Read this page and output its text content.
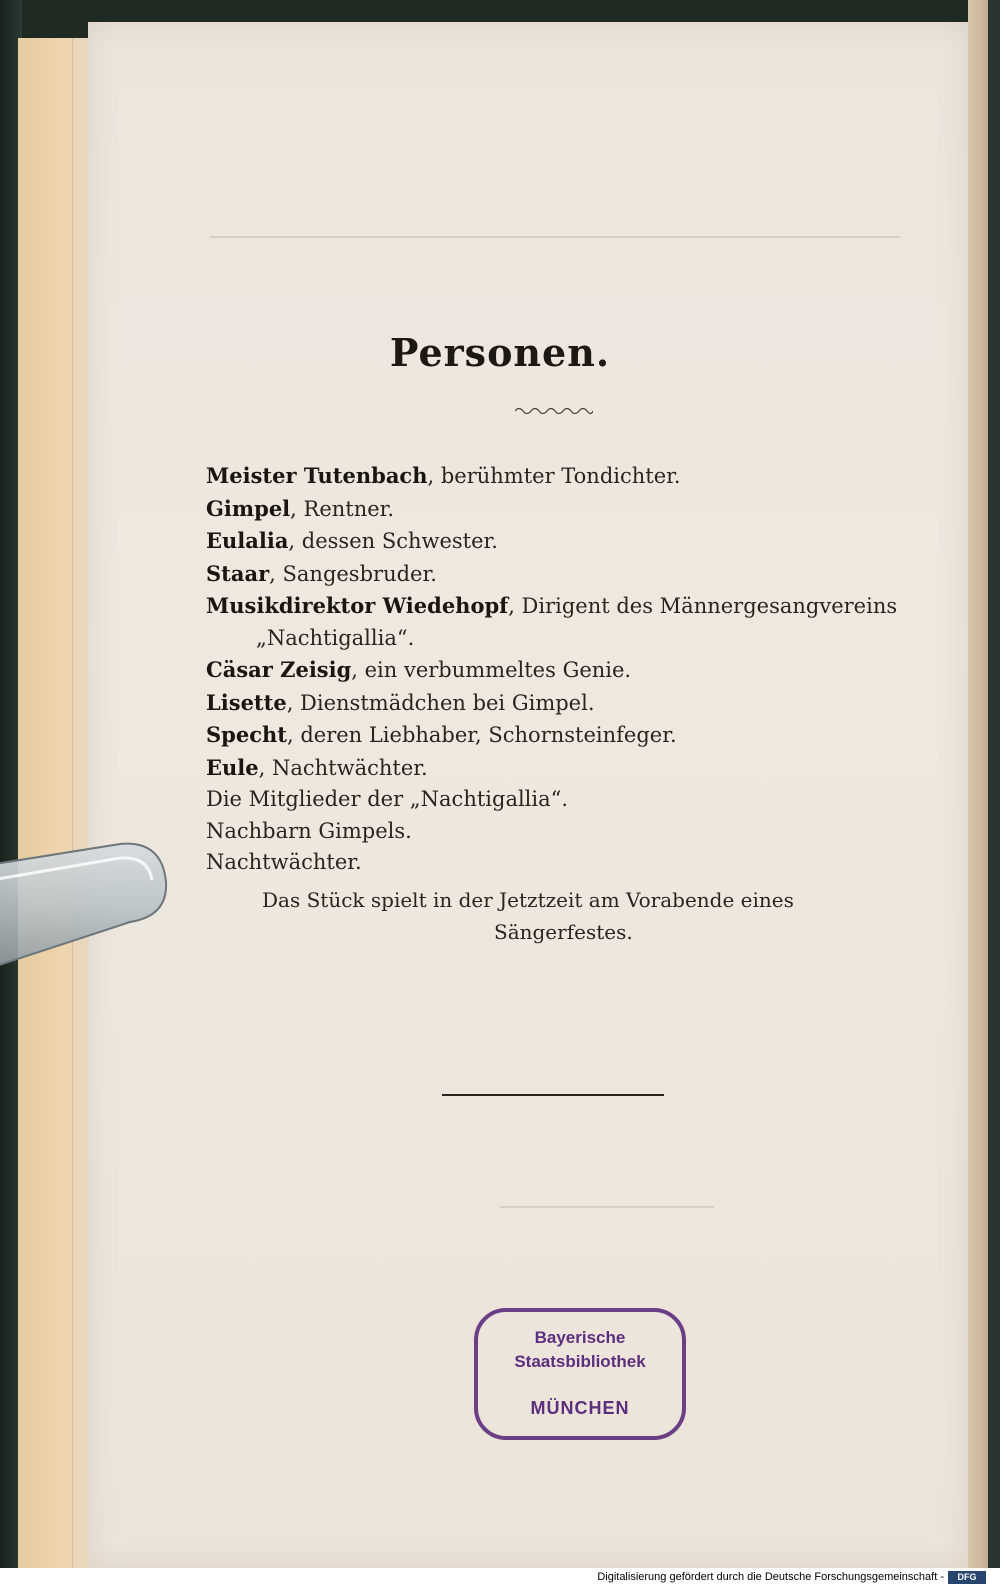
Personen.
Meister Tutenbach, berühmter Tondichter.
Gimpel, Rentner.
Eulalia, dessen Schwester.
Staar, Sangesbruder.
Musikdirektor Wiedehopf, Dirigent des Männergesangvereins
„Nachtigallia“.
Cäsar Zeisig, ein verbummeltes Genie.
Lisette, Dienstmädchen bei Gimpel.
Specht, deren Liebhaber, Schornsteinfeger.
Eule, Nachtwächter.
Die Mitglieder der „Nachtigallia“.
Nachbarn Gimpels.
Nachtwächter.
Das Stück spielt in der Jetztzeit am Vorabende eines
Sängerfestes.
Bayerische
Staatsbibliothek
MÜNCHEN
Digitalisierung gefördert durch die Deutsche Forschungsgemeinschaft -	DFG
